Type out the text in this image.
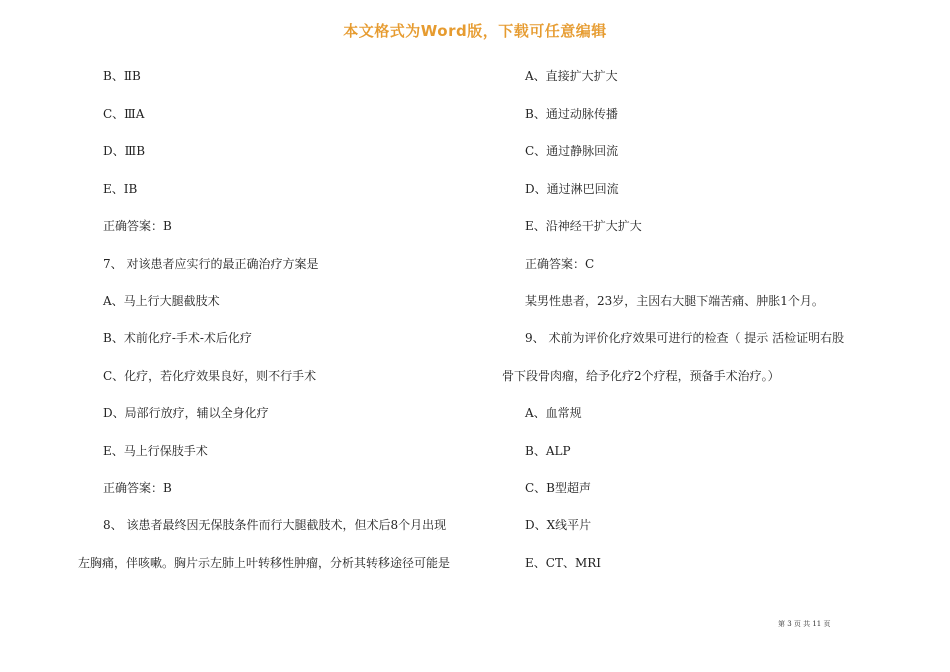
本文格式为Word版，下载可任意编辑
B、ⅡB
C、ⅢA
D、ⅢB
E、ⅠB
正确答案：B
7、 对该患者应实行的最正确治疗方案是
A、马上行大腿截肢术
B、术前化疗-手术-术后化疗
C、化疗，若化疗效果良好，则不行手术
D、局部行放疗，辅以全身化疗
E、马上行保肢手术
正确答案：B
8、 该患者最终因无保肢条件而行大腿截肢术，但术后8个月出现
左胸痛，伴咳嗽。胸片示左肺上叶转移性肿瘤，分析其转移途径可能是
A、直接扩大扩大
B、通过动脉传播
C、通过静脉回流
D、通过淋巴回流
E、沿神经干扩大扩大
正确答案：C
某男性患者，23岁，主因右大腿下端苦痛、肿胀1个月。
9、 术前为评价化疗效果可进行的检查（ 提示 活检证明右股
骨下段骨肉瘤，给予化疗2个疗程，预备手术治疗。）
A、血常规
B、ALP
C、B型超声
D、X线平片
E、CT、MRI
第 3 页 共 11 页
